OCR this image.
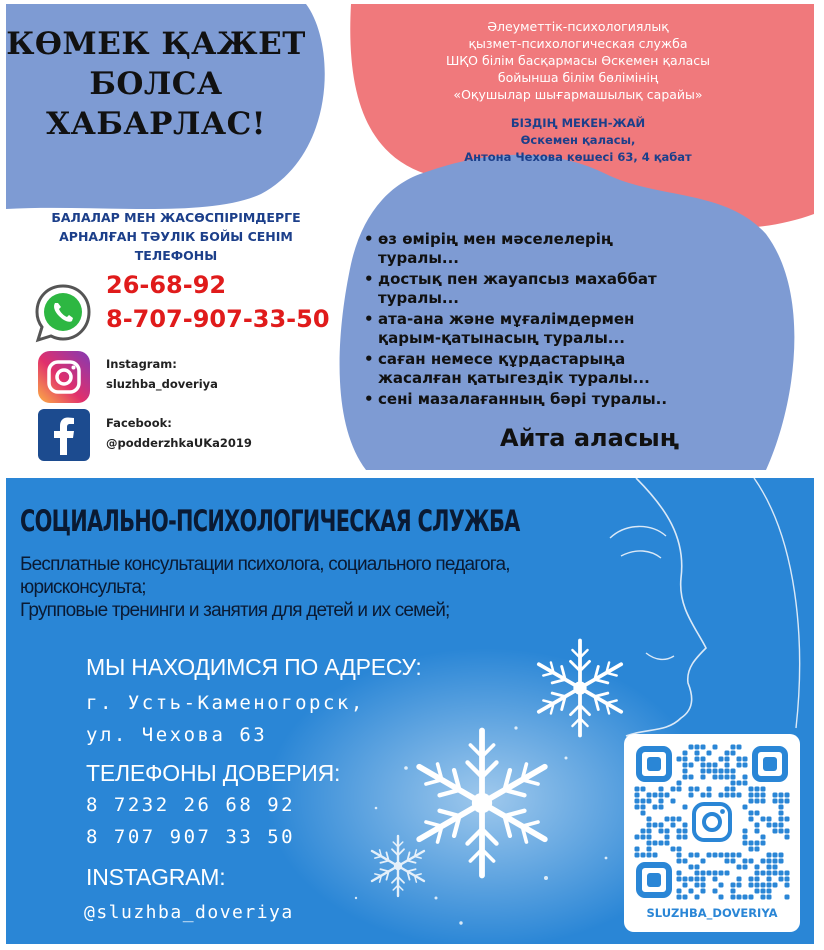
КӨМЕК ҚАЖЕТ

БОЛСА

ХАБАРЛАС!

Әлеуметтік-психологиялық

қызмет-психологическая служба

ШҚО білім басқармасы Өскемен қаласы

бойынша білім бөлімінің

«Оқушылар шығармашылық сарайы»

БІЗДІҢ МЕКЕН-ЖАЙ

Өскемен қаласы,

Антона Чехова көшесі 63, 4 қабат

БАЛАЛАР МЕН ЖАСӨСПІРІМДЕРГЕ

АРНАЛҒАН ТӘУЛІК БОЙЫ СЕНІМ

ТЕЛЕФОНЫ

26-68-92

8-707-907-33-50

Instagram:

sluzhba_doveriya

Facebook:

@podderzhkaUKa2019

• өз өмірің мен мәселелерің

туралы...

• достық пен жауапсыз махаббат

туралы...

• ата-ана және мұғалімдермен

қарым-қатынасың туралы...

• саған немесе құрдастарыңа

жасалған қатыгездік туралы...

• сені мазалағанның бәрі туралы..

Айта аласың

СОЦИАЛЬНО-ПСИХОЛОГИЧЕСКАЯ СЛУЖБА

Бесплатные консультации психолога, социального педагога,

юрисконсульта;

Групповые тренинги и занятия для детей и их семей;

МЫ НАХОДИМСЯ ПО АДРЕСУ:

г. Усть-Каменогорск,

ул. Чехова 63

ТЕЛЕФОНЫ ДОВЕРИЯ:

8 7232 26 68 92

8 707 907 33 50

INSTAGRAM:

@sluzhba_doveriya	SLUZHBA_DOVERIYA
